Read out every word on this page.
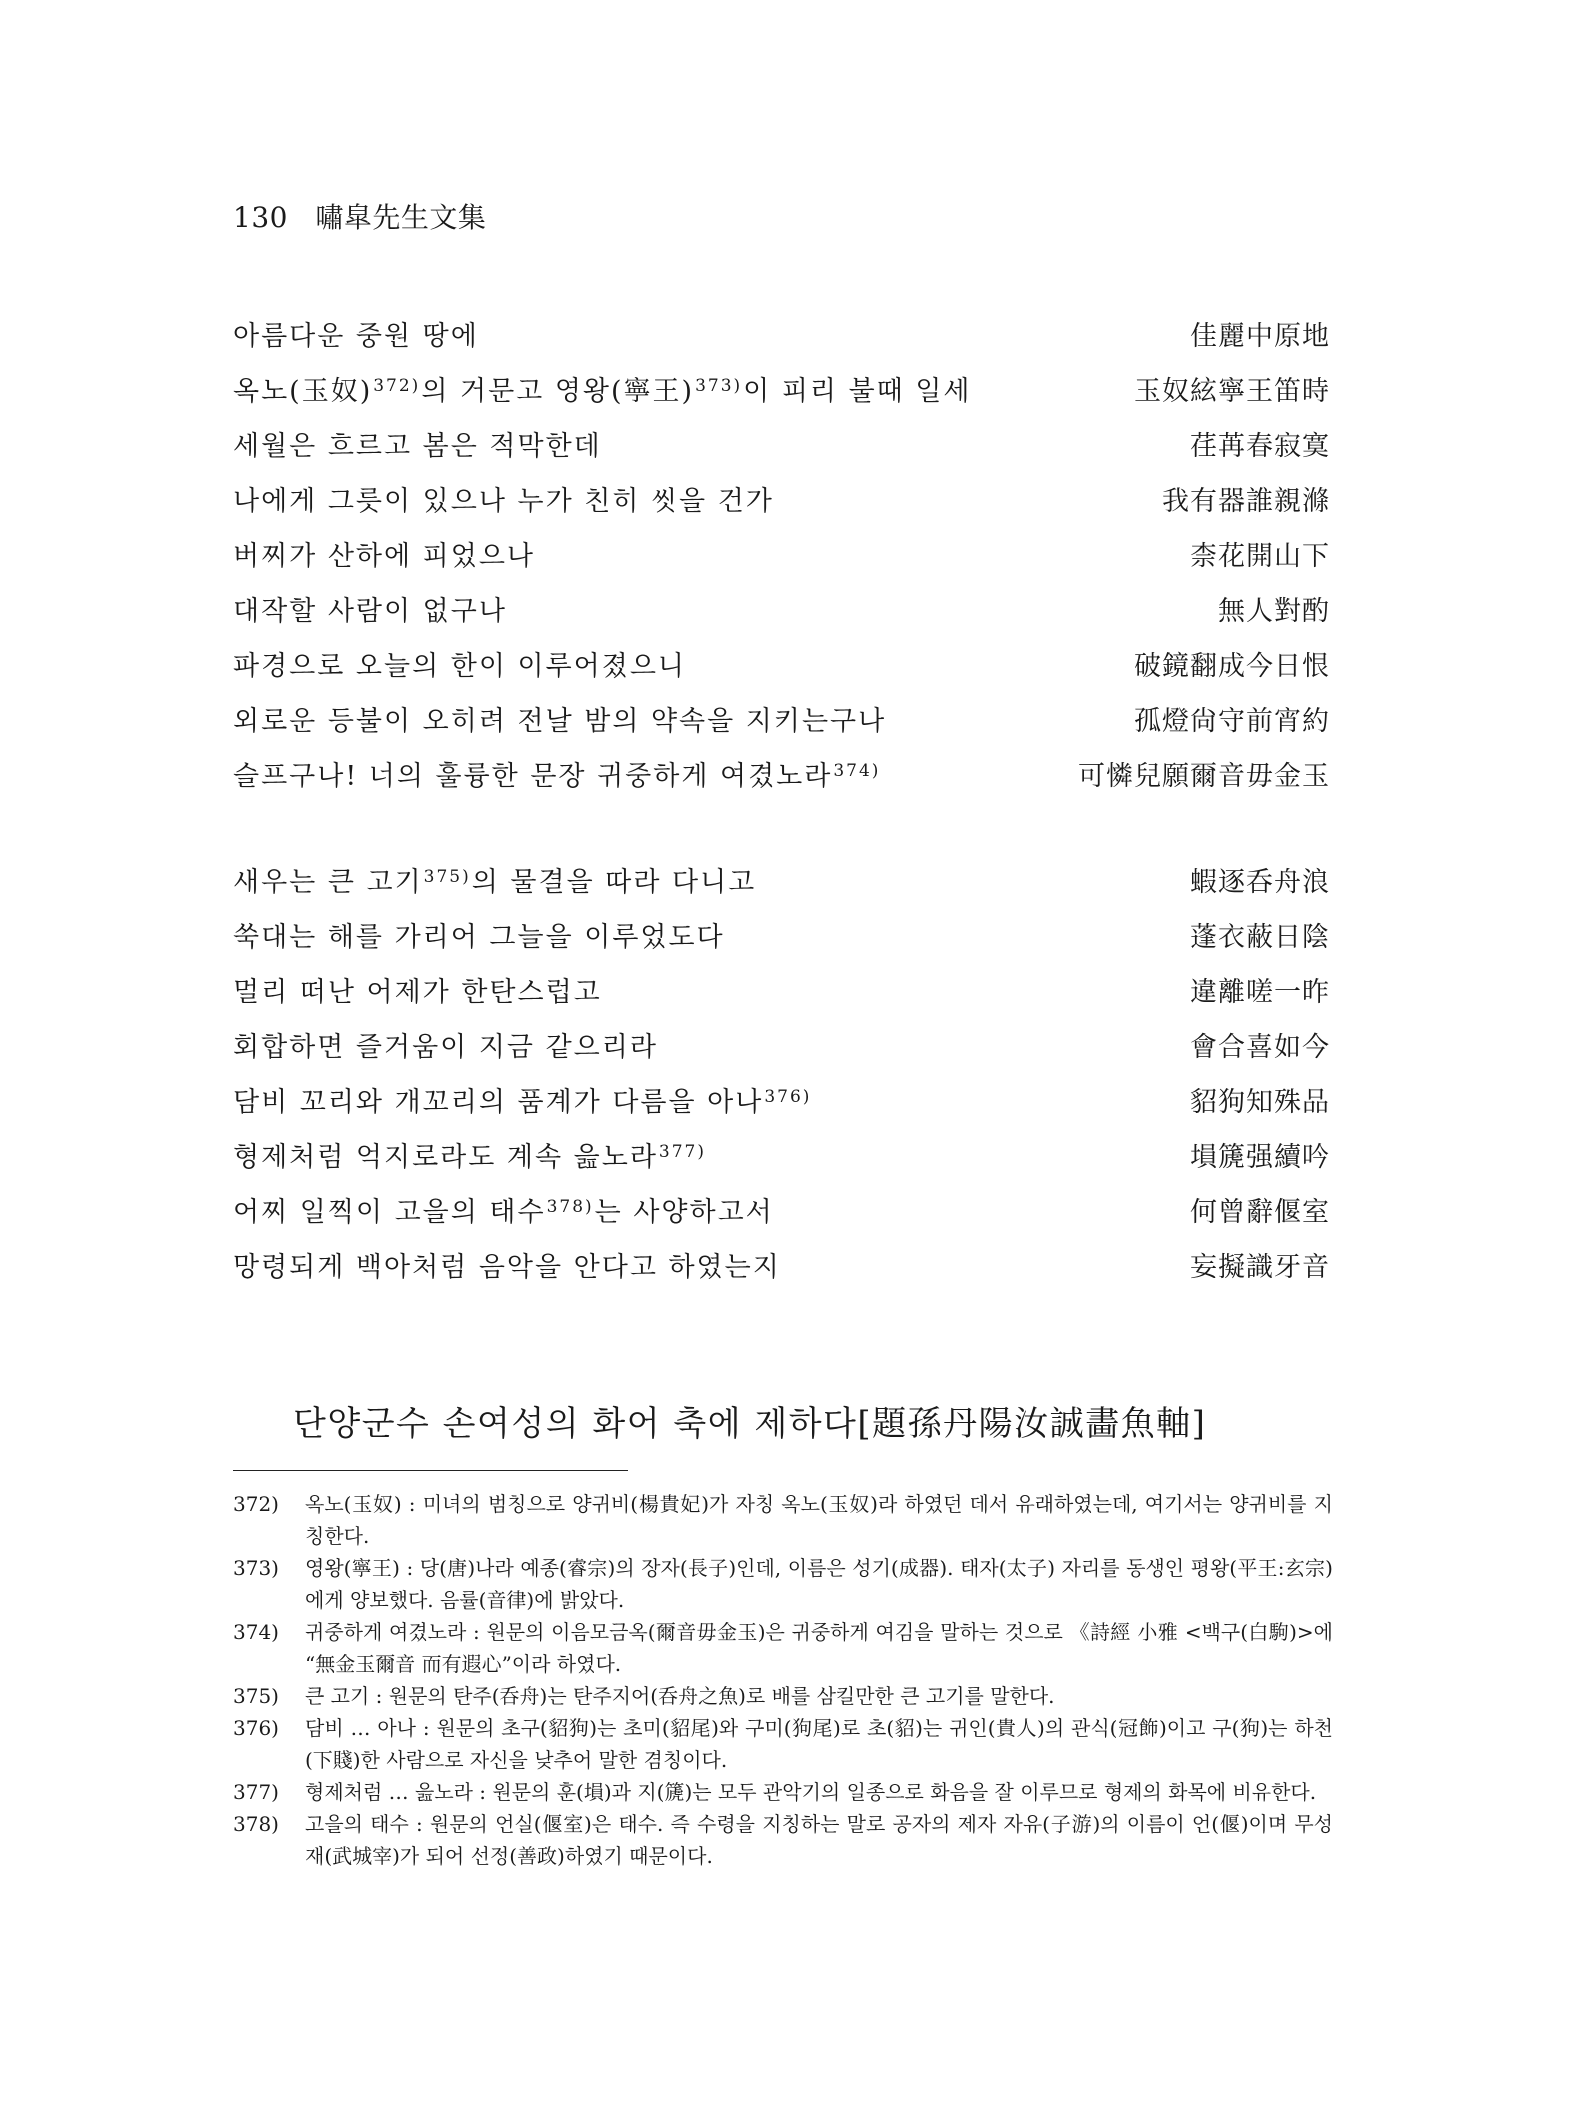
130 嘯皐先生文集
아름다운 중원 땅에	佳麗中原地
옥노(玉奴)$^{372)}$의 거문고 영왕(寧王)$^{373)}$이 피리 불때 일세	玉奴絃寧王笛時
세월은 흐르고 봄은 적막한데	荏苒春寂寞
나에게 그릇이 있으나 누가 친히 씻을 건가	我有器誰親滌
버찌가 산하에 피었으나	柰花開山下
대작할 사람이 없구나	無人對酌
파경으로 오늘의 한이 이루어졌으니	破鏡翻成今日恨
외로운 등불이 오히려 전날 밤의 약속을 지키는구나	孤燈尙守前宵約
슬프구나! 너의 훌륭한 문장 귀중하게 여겼노라$^{374)}$	可憐兒願爾音毋金玉
새우는 큰 고기$^{375)}$의 물결을 따라 다니고	蝦逐呑舟浪
쑥대는 해를 가리어 그늘을 이루었도다	蓬衣蔽日陰
멀리 떠난 어제가 한탄스럽고	違離嗟一昨
회합하면 즐거움이 지금 같으리라	會合喜如今
담비 꼬리와 개꼬리의 품계가 다름을 아나$^{376)}$	貂狗知殊品
형제처럼 억지로라도 계속 읊노라$^{377)}$	塤篪强續吟
어찌 일찍이 고을의 태수$^{378)}$는 사양하고서	何曾辭偃室
망령되게 백아처럼 음악을 안다고 하였는지	妄擬識牙音
단양군수 손여성의 화어 축에 제하다[題孫丹陽汝誠畵魚軸]
372) 옥노(玉奴) : 미녀의 범칭으로 양귀비(楊貴妃)가 자칭 옥노(玉奴)라 하였던 데서 유래하였는데, 여기서는 양귀비를 지칭한다.
373) 영왕(寧王) : 당(唐)나라 예종(睿宗)의 장자(長子)인데, 이름은 성기(成器). 태자(太子) 자리를 동생인 평왕(平王:玄宗)에게 양보했다. 음률(音律)에 밝았다.
374) 귀중하게 여겼노라 : 원문의 이음모금옥(爾音毋金玉)은 귀중하게 여김을 말하는 것으로 《詩經 小雅 <백구(白駒)>에 “無金玉爾音 而有遐心”이라 하였다.
375) 큰 고기 : 원문의 탄주(呑舟)는 탄주지어(呑舟之魚)로 배를 삼킬만한 큰 고기를 말한다.
376) 담비 … 아나 : 원문의 초구(貂狗)는 초미(貂尾)와 구미(狗尾)로 초(貂)는 귀인(貴人)의 관식(冠飾)이고 구(狗)는 하천(下賤)한 사람으로 자신을 낮추어 말한 겸칭이다.
377) 형제처럼 … 읊노라 : 원문의 훈(塤)과 지(篪)는 모두 관악기의 일종으로 화음을 잘 이루므로 형제의 화목에 비유한다.
378) 고을의 태수 : 원문의 언실(偃室)은 태수. 즉 수령을 지칭하는 말로 공자의 제자 자유(子游)의 이름이 언(偃)이며 무성재(武城宰)가 되어 선정(善政)하였기 때문이다.
